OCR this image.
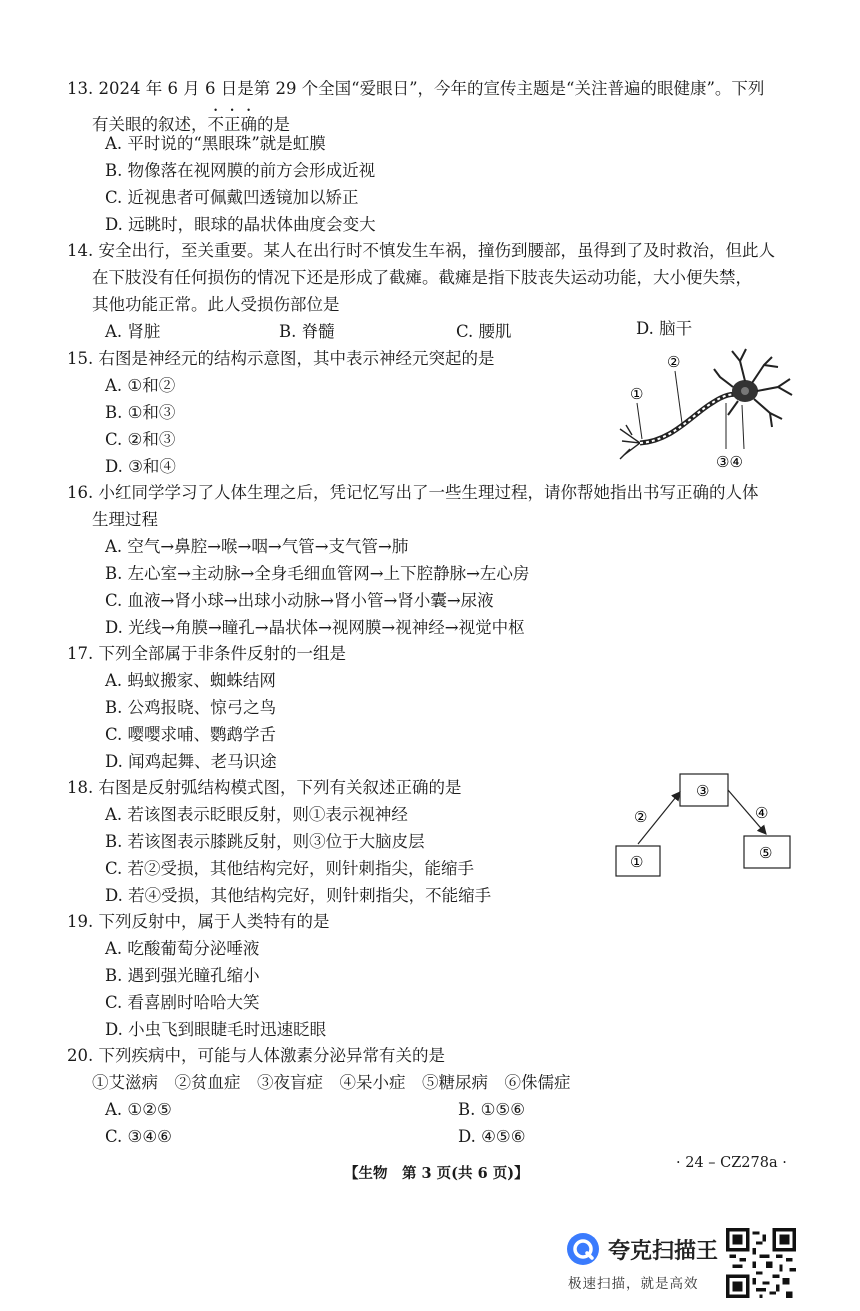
13. 2024 年 6 月 6 日是第 29 个全国“爱眼日”，今年的宣传主题是“关注普遍的眼健康”。下列
有关眼的叙述，不正确的是
A. 平时说的“黑眼珠”就是虹膜
B. 物像落在视网膜的前方会形成近视
C. 近视患者可佩戴凹透镜加以矫正
D. 远眺时，眼球的晶状体曲度会变大
14. 安全出行，至关重要。某人在出行时不慎发生车祸，撞伤到腰部，虽得到了及时救治，但此人
在下肢没有任何损伤的情况下还是形成了截瘫。截瘫是指下肢丧失运动功能，大小便失禁，
其他功能正常。此人受损伤部位是
A. 肾脏	B. 脊髓	C. 腰肌	D. 脑干
15. 右图是神经元的结构示意图，其中表示神经元突起的是
A. ①和②
B. ①和③
C. ②和③
D. ③和④
①
②
③④
16. 小红同学学习了人体生理之后，凭记忆写出了一些生理过程，请你帮她指出书写正确的人体
生理过程
A. 空气→鼻腔→喉→咽→气管→支气管→肺
B. 左心室→主动脉→全身毛细血管网→上下腔静脉→左心房
C. 血液→肾小球→出球小动脉→肾小管→肾小囊→尿液
D. 光线→角膜→瞳孔→晶状体→视网膜→视神经→视觉中枢
17. 下列全部属于非条件反射的一组是
A. 蚂蚁搬家、蜘蛛结网
B. 公鸡报晓、惊弓之鸟
C. 嘤嘤求哺、鹦鹉学舌
D. 闻鸡起舞、老马识途
18. 右图是反射弧结构模式图，下列有关叙述正确的是
A. 若该图表示眨眼反射，则①表示视神经
B. 若该图表示膝跳反射，则③位于大脑皮层
C. 若②受损，其他结构完好，则针刺指尖，能缩手
D. 若④受损，其他结构完好，则针刺指尖，不能缩手
①
②
③
④
⑤
19. 下列反射中，属于人类特有的是
A. 吃酸葡萄分泌唾液
B. 遇到强光瞳孔缩小
C. 看喜剧时哈哈大笑
D. 小虫飞到眼睫毛时迅速眨眼
20. 下列疾病中，可能与人体激素分泌异常有关的是
①艾滋病　②贫血症　③夜盲症　④呆小症　⑤糖尿病　⑥侏儒症
A. ①②⑤	B. ①⑤⑥
C. ③④⑥	D. ④⑤⑥
【生物　第 3 页(共 6 页)】
· 24 – CZ278a ·
夸克扫描王
极速扫描，就是高效
